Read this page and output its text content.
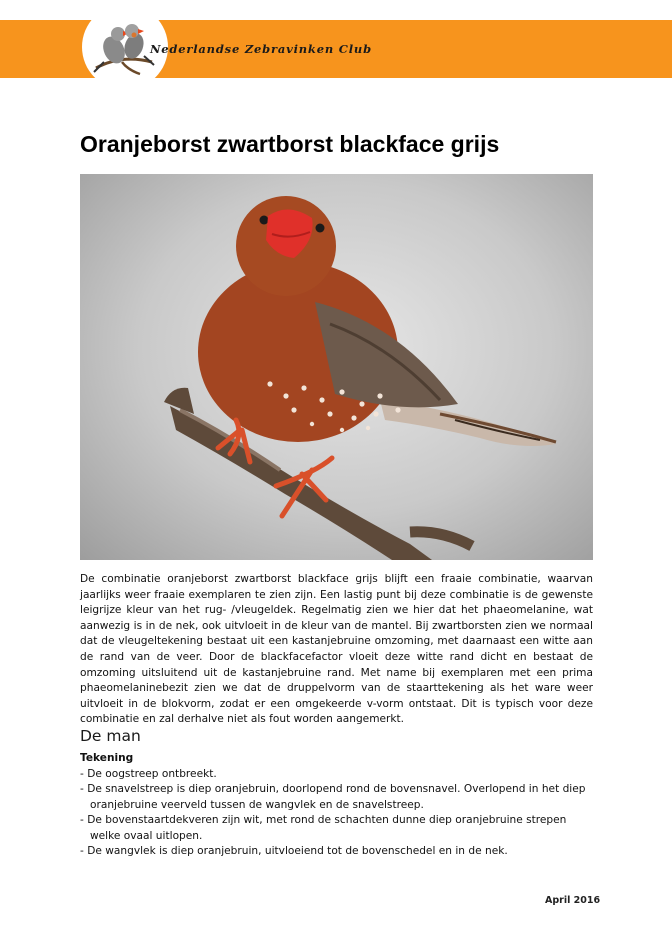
Nederlandse Zebravinken Club
Oranjeborst zwartborst blackface grijs

De combinatie oranjeborst zwartborst blackface grijs blijft een fraaie combinatie, waarvan jaarlijks weer fraaie exemplaren te zien zijn. Een lastig punt bij deze combinatie is de gewenste leigrijze kleur van het rug- /vleugeldek. Regelmatig zien we hier dat het phaeomelanine, wat aanwezig is in de nek, ook uitvloeit in de kleur van de mantel. Bij zwartborsten zien we normaal dat de vleugeltekening bestaat uit een kastanjebruine omzoming, met daarnaast een witte aan de rand van de veer. Door de blackfacefactor vloeit deze witte rand dicht en bestaat de omzoming uitsluitend uit de kastanjebruine rand. Met name bij exemplaren met een prima phaeomelaninebezit zien we dat de druppelvorm van de staarttekening als het ware weer uitvloeit in de blokvorm, zodat er een omgekeerde v-vorm ontstaat. Dit is typisch voor deze combinatie en zal derhalve niet als fout worden aangemerkt.

De man
Tekening
- De oogstreep ontbreekt.
- De snavelstreep is diep oranjebruin, doorlopend rond de bovensnavel. Overlopend in het diep oranjebruine veerveld tussen de wangvlek en de snavelstreep.
- De bovenstaartdekveren zijn wit, met rond de schachten dunne diep oranjebruine strepen welke ovaal uitlopen.
- De wangvlek is diep oranjebruin, uitvloeiend tot de bovenschedel en in de nek.
April 2016
